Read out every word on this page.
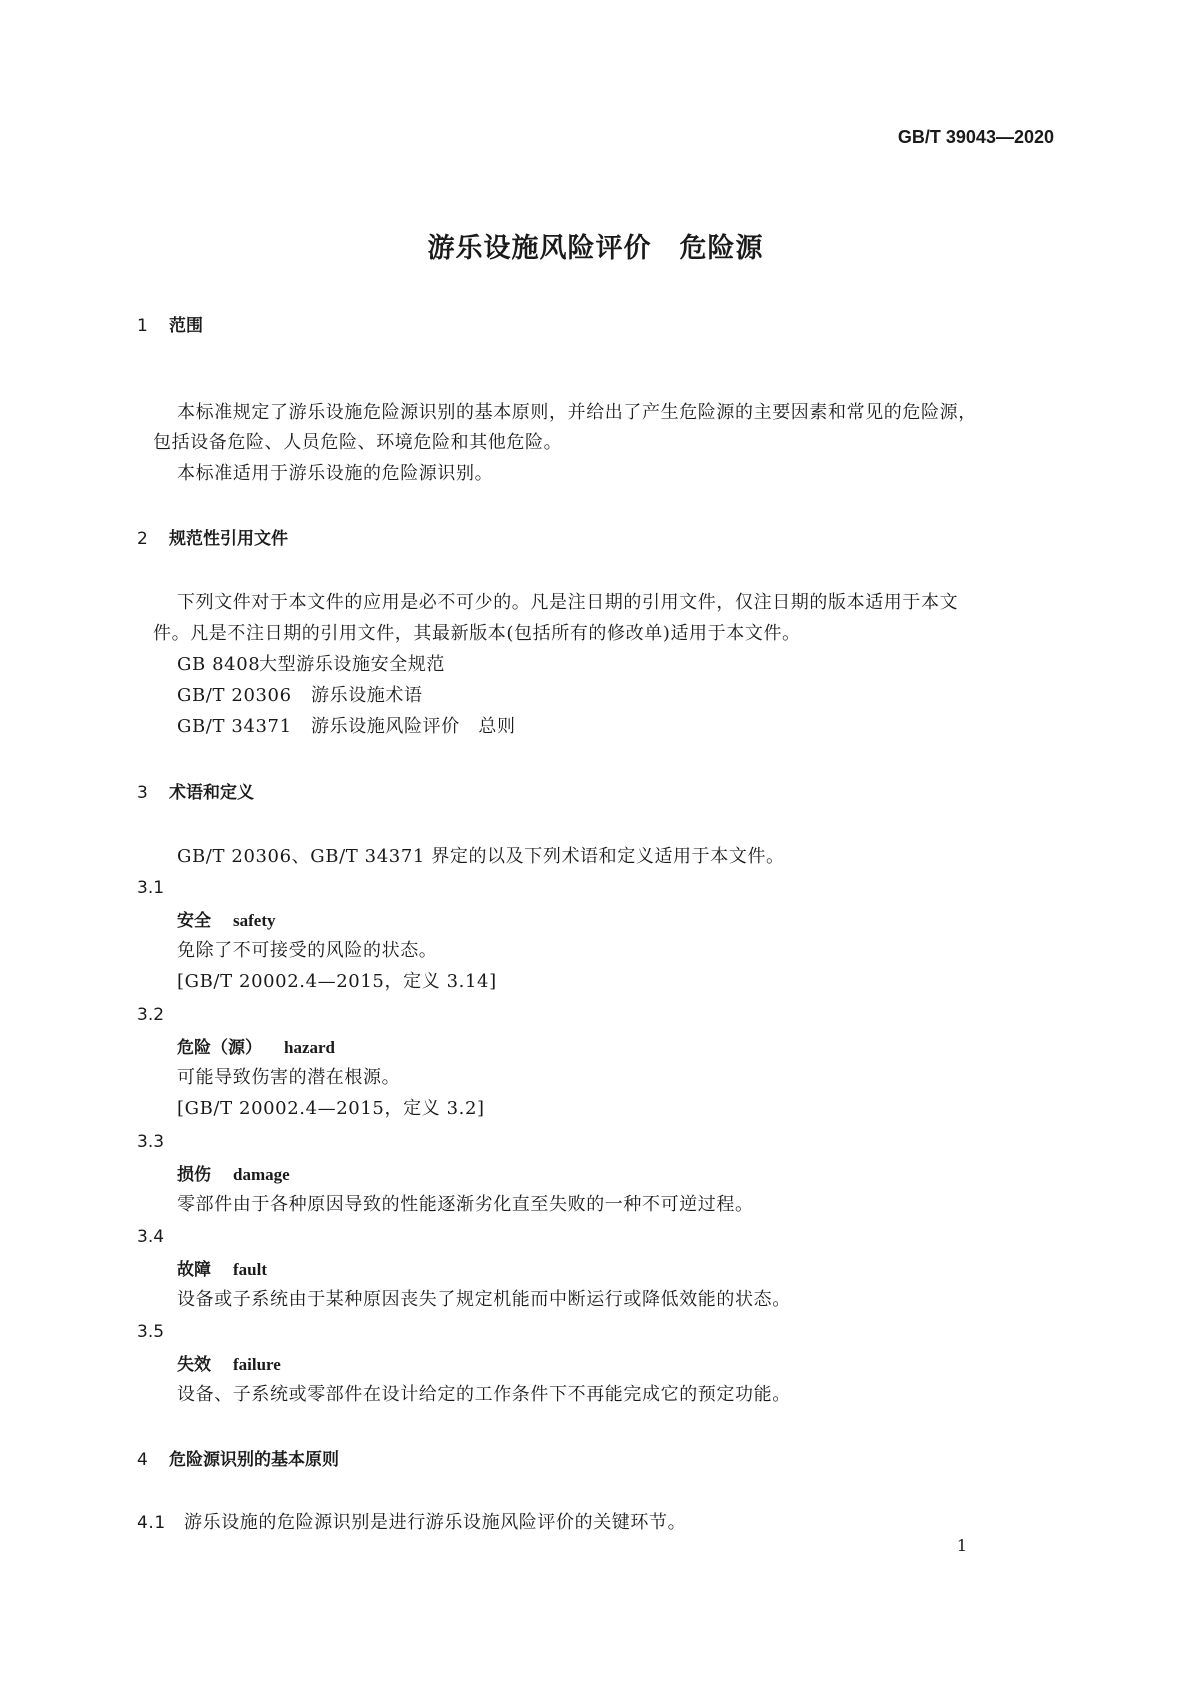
GB/T 39043—2020
游乐设施风险评价　危险源
1 范围
本标准规定了游乐设施危险源识别的基本原则，并给出了产生危险源的主要因素和常见的危险源，
包括设备危险、人员危险、环境危险和其他危险。
本标准适用于游乐设施的危险源识别。
2 规范性引用文件
下列文件对于本文件的应用是必不可少的。凡是注日期的引用文件，仅注日期的版本适用于本文
件。凡是不注日期的引用文件，其最新版本(包括所有的修改单)适用于本文件。
GB 8408大型游乐设施安全规范
GB/T 20306 游乐设施术语
GB/T 34371 游乐设施风险评价　总则
3 术语和定义
GB/T 20306、GB/T 34371 界定的以及下列术语和定义适用于本文件。
3.1
安全 safety
免除了不可接受的风险的状态。
[GB/T 20002.4—2015，定义 3.14]
3.2
危险（源） hazard
可能导致伤害的潜在根源。
[GB/T 20002.4—2015，定义 3.2]
3.3
损伤 damage
零部件由于各种原因导致的性能逐渐劣化直至失败的一种不可逆过程。
3.4
故障 fault
设备或子系统由于某种原因丧失了规定机能而中断运行或降低效能的状态。
3.5
失效 failure
设备、子系统或零部件在设计给定的工作条件下不再能完成它的预定功能。
4 危险源识别的基本原则
4.1 游乐设施的危险源识别是进行游乐设施风险评价的关键环节。
1
